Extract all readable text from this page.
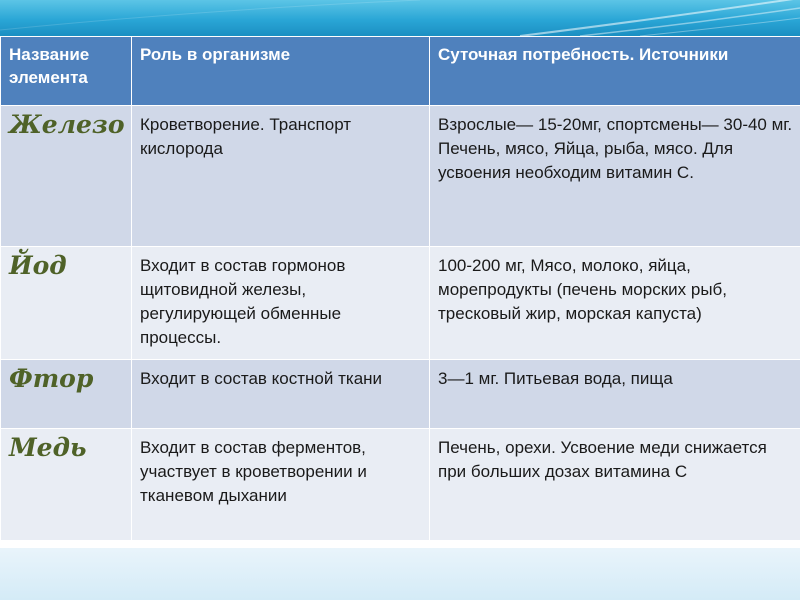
Название элемента	Роль в организме	Суточная потребность. Источники
Железо	Кроветворение. Транспорт кислорода	Взрослые— 15-20мг, спортсмены— 30-40 мг. Печень, мясо, Яйца, рыба, мясо. Для усвоения необходим витамин С.
Йод	Входит в состав гормонов щитовидной железы, регулирующей обменные процессы.	100-200 мг, Мясо, молоко, яйца, морепродукты (печень морских рыб, тресковый жир, морская капуста)
Фтор	Входит в состав костной ткани	3—1 мг. Питьевая вода, пища
Медь	Входит в состав ферментов, участвует в кроветворении и тканевом дыхании	Печень, орехи. Усвоение меди снижается при больших дозах витамина С
